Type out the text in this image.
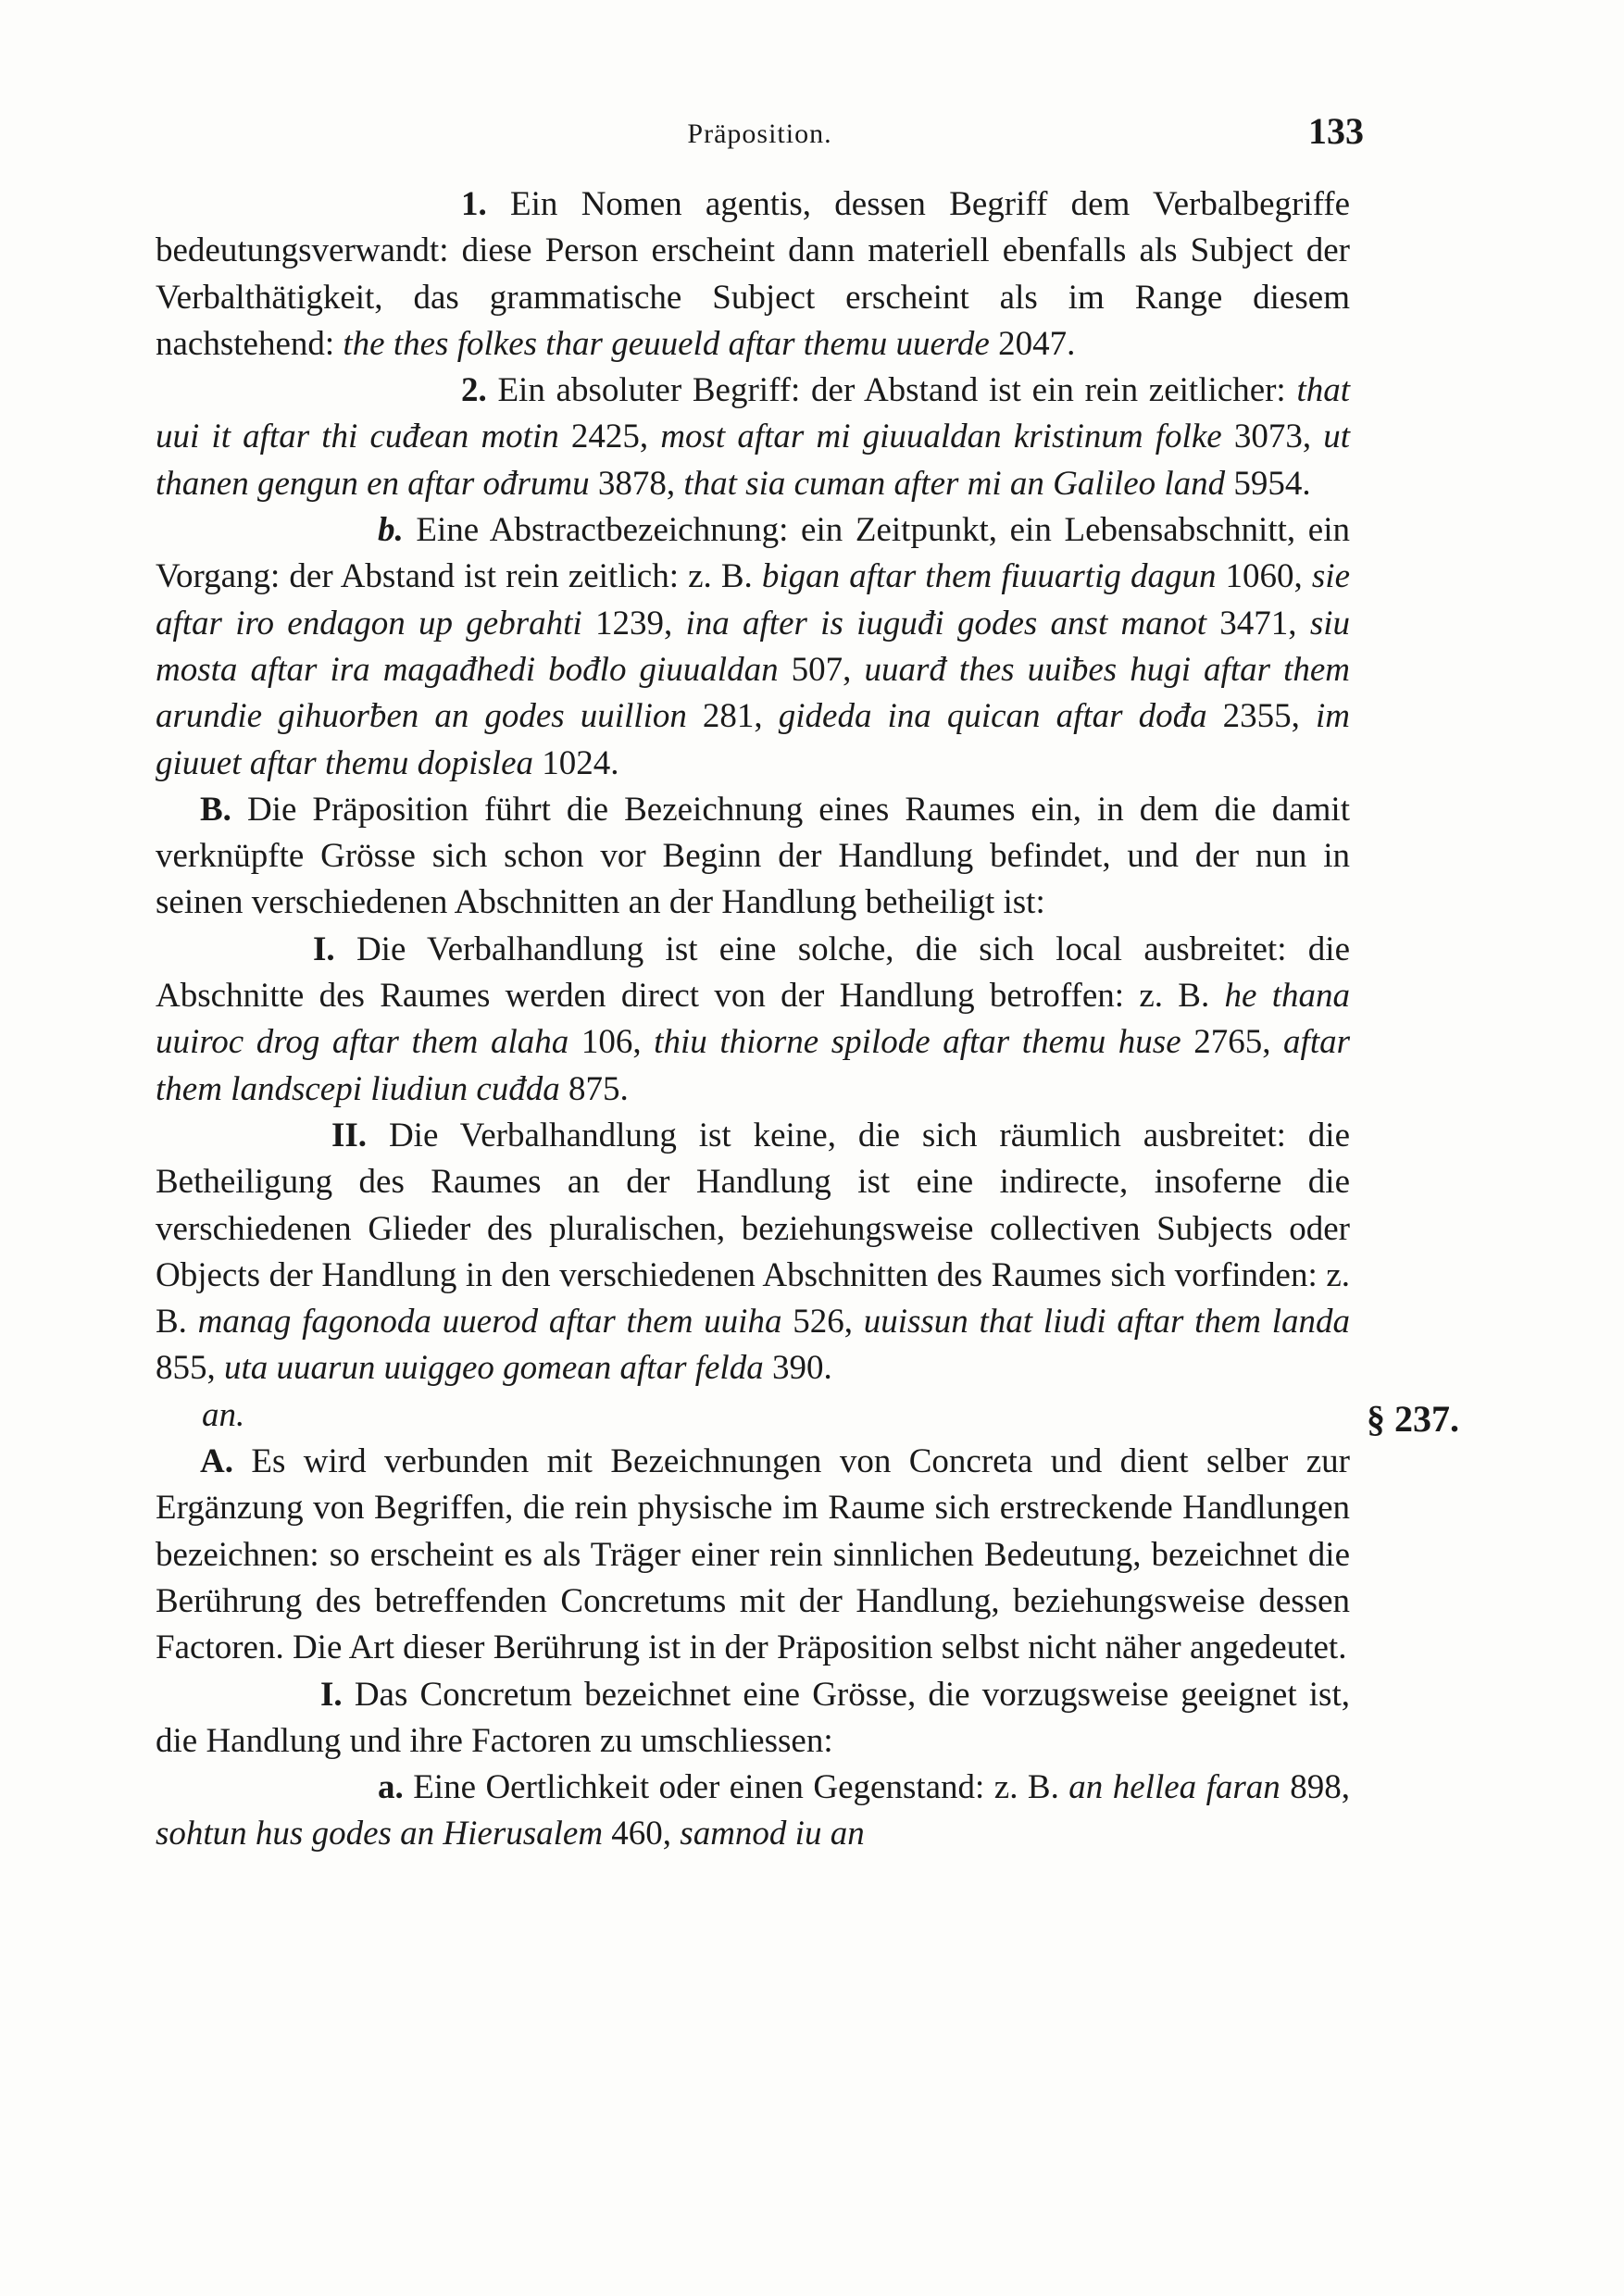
Präposition.	133

1. Ein Nomen agentis, dessen Begriff dem Verbalbegriffe bedeutungsverwandt: diese Person erscheint dann materiell ebenfalls als Subject der Verbalthätigkeit, das grammatische Subject erscheint als im Range diesem nachstehend: the thes folkes thar geuueld aftar themu uuerde 2047.

2. Ein absoluter Begriff: der Abstand ist ein rein zeitlicher: that uui it aftar thi cuđean motin 2425, most aftar mi giuualdan kristinum folke 3073, ut thanen gengun en aftar ođrumu 3878, that sia cuman after mi an Galileo land 5954.

b. Eine Abstractbezeichnung: ein Zeitpunkt, ein Lebensabschnitt, ein Vorgang: der Abstand ist rein zeitlich: z. B. bigan aftar them fiuuartig dagun 1060, sie aftar iro endagon up gebrahti 1239, ina after is iuguđi godes anst manot 3471, siu mosta aftar ira magađhedi bođlo giuualdan 507, uuarđ thes uuiƀes hugi aftar them arundie gihuorƀen an godes uuillion 281, gideda ina quican aftar dođa 2355, im giuuet aftar themu dopislea 1024.

B. Die Präposition führt die Bezeichnung eines Raumes ein, in dem die damit verknüpfte Grösse sich schon vor Beginn der Handlung befindet, und der nun in seinen verschiedenen Abschnitten an der Handlung betheiligt ist:

I. Die Verbalhandlung ist eine solche, die sich local ausbreitet: die Abschnitte des Raumes werden direct von der Handlung betroffen: z. B. he thana uuiroc drog aftar them alaha 106, thiu thiorne spilode aftar themu huse 2765, aftar them landscepi liudiun cuđda 875.

II. Die Verbalhandlung ist keine, die sich räumlich ausbreitet: die Betheiligung des Raumes an der Handlung ist eine indirecte, insoferne die verschiedenen Glieder des pluralischen, beziehungsweise collectiven Subjects oder Objects der Handlung in den verschiedenen Abschnitten des Raumes sich vorfinden: z. B. manag fagonoda uuerod aftar them uuiha 526, uuissun that liudi aftar them landa 855, uta uuarun uuiggeo gomean aftar felda 390.

an.	§ 237.

A. Es wird verbunden mit Bezeichnungen von Concreta und dient selber zur Ergänzung von Begriffen, die rein physische im Raume sich erstreckende Handlungen bezeichnen: so erscheint es als Träger einer rein sinnlichen Bedeutung, bezeichnet die Berührung des betreffenden Concretums mit der Handlung, beziehungsweise dessen Factoren. Die Art dieser Berührung ist in der Präposition selbst nicht näher angedeutet.

I. Das Concretum bezeichnet eine Grösse, die vorzugsweise geeignet ist, die Handlung und ihre Factoren zu umschliessen:

a. Eine Oertlichkeit oder einen Gegenstand: z. B. an hellea faran 898, sohtun hus godes an Hierusalem 460, samnod iu an
